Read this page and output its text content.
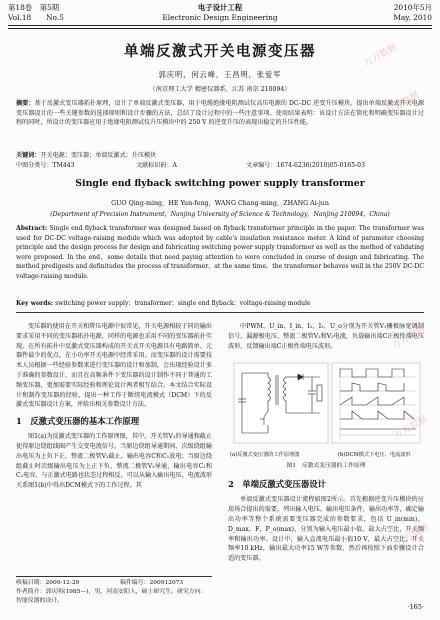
第18卷　第5期
Vol.18　　No.5
电子设计工程
Electronic Design Engineering
2010年5月
May. 2010
单端反激式开关电源变压器
郭庆明，何云峰，王昌明，张爱军
（南京理工大学 精密仪器系，江苏 南京 210094）
摘要：基于反激式变压器拓扑原理，设计了单端反激式变压器，用于电缆绝缘电阻测试仪高压电源的 DC–DC 逆变升压模块。提出单端反激式开关电源变压器设计的一些关键参数的选择原则和设计步骤的方法，总结了设计过程中的一些注意事项。使用结果表明：该设计方法在简化和明确变压器设计过程的同时，所设计的变压器应用于绝缘电阻测试仪升压模块中的 250 V 的逆变升压的表现出稳定的升压性能。
关键词：开关电源；变压器；单端反激式；升压模块
中图分类号：TM443	文献标识码：A	文章编号：1674-6236(2010)05-0165-03
Single end flyback switching power supply transformer
GUO Qing-ming，HE Yun-feng，WANG Chang-ming，ZHANG Ai-jun
(Department of Precision Instrument，Nanjing University of Science & Technology，Nanjing 210094，China)
Abstract: Single end flyback transformer was designed based on flyback transformer principle in the paper. The transformer was used for DC-DC voltage-raising module which was adopted by cable's insulation resistance meter. A kind of parameter choosing principle and the design process for design and fabricating switching power supply transformer as well as the method of validating were proposed. In the end，some details that need paying attention to were concluded in course of design and fabricating. The method predigests and definitudes the process of transformer，at the same time，the transformer behaves well in the 250V DC-DC voltage-raising module.
Key words: switching power supply；transformer；single end flyback；voltage-raising module

变压器的使用在开关和降压电源中很常见，开关电源相较于同的输出要求采用不同的变压器拓扑电源，同样的电源也采用不同的变压器拓扑实现。在所有拓扑中反激式变压器构成的开关式开关电源具有电路简单、元器件最少的优点，在小功率开关电源中经常采用。而变压器的设计需要技术人员根据一些经验参数来进行变压器的设计和加制，会出现经验设计多于准确的参数设计，而且在高频条件下变压器的设计制作不同于普通的工频变压器，更加需要实际经验和理论设计两者相互结合，本文结合实际设计和制作变压器的经验，提出一种工作于断续电流模式（DCM）下的反激式变压器设计方案，并给出相关参数设计方法。

1　反激式变压器的基本工作原理

图1(a)为反激式变压器的工作原理图，其中，开关管V₁的导通和截止使得原边绕组线圈产生交变电流信号，当原边绕组导通期间，次级绕组输出电压为上负下正，整流二极管V₂截止，输出电容C和C₁放电；当原边绕组截止时次级输出电压为上正下负，整流二极管V₂导通，输出电容C₁和C₂电容，与正激式电路也状态过程相反。可以从输入输出电压、电流波形关系图1(b)中得出DCM模式下的工作过程。其

中PWM、U_in、I_in、I₁、I₂、U_o分别为开关管V₁栅极脉宽调制信号，漏源极电压，整流二极管V₂和V₃电流，负载输出端C正极性端电压波形，反馈输出端C正极性端电压波形。

(a)反激式变压器的工作原理图	(b)DCM模式下电压、电流波形
图1　反激式变压器的工作原理
2　单端反激式变压器设计

单端反激式变压器设计流程如图2所示。首先根据逆变升压模块的应用场合提出的需要，列出输入电压、输出电压条件，输出功率等，确定输出功率等整个系统需要变压器完成的参数要求，包括 U_in(min)，D_max，F，P_o(max)，分别为输入电压最小值，最大占空比，开关频率和输出功率。设计中，输入直流电压最小值10 V，最大占空比，开关频率10 kHz，输出最大功率15 W等参数，然后再按照下面步骤设计合适的变压器。

收稿日期：2009-12-29	稿件编号：200912073
作者简介：郭庆明(1985—)，男，河南安阳人，硕士研究生。研究方向：智能仪器的设计。
·165·
万方数据
万方数据
万方数据
万方数据
万方数据
